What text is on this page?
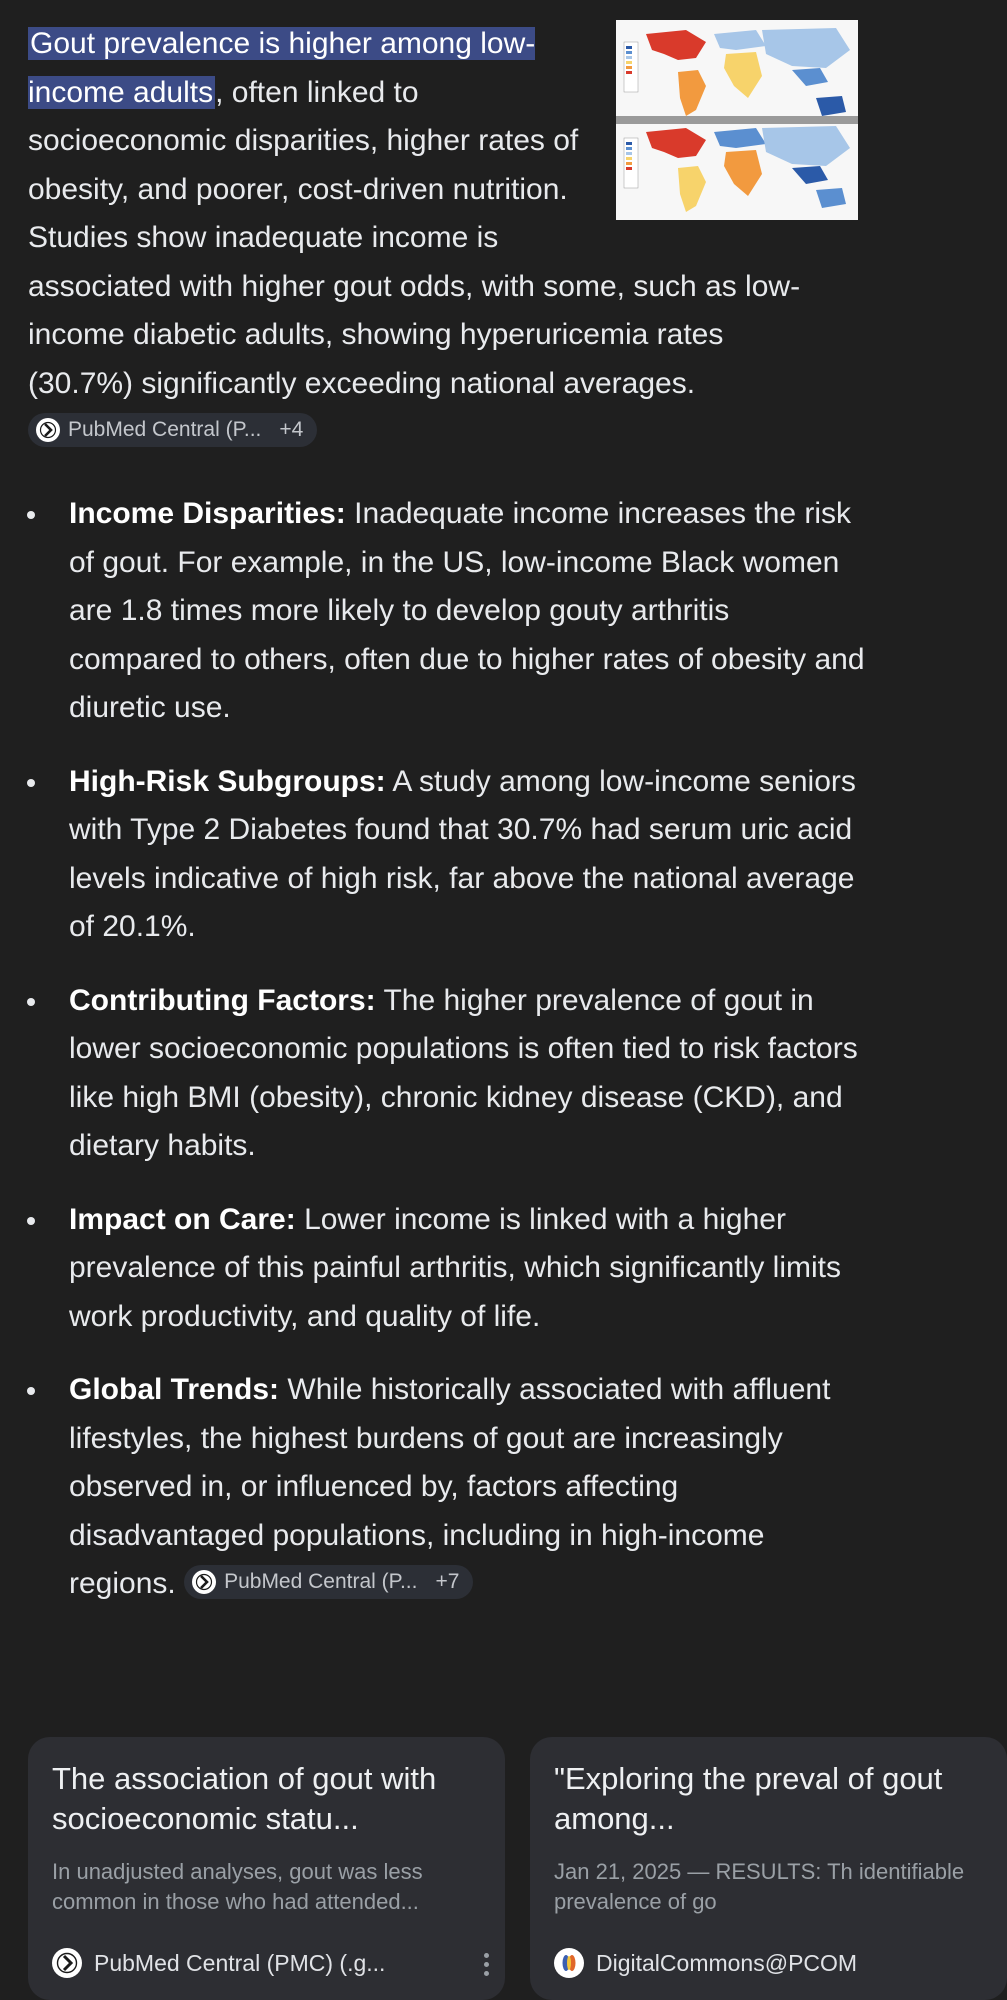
Gout prevalence is higher among low-income adults, often linked to socioeconomic disparities, higher rates of obesity, and poorer, cost-driven nutrition. Studies show inadequate income is associated with higher gout odds, with some, such as low-income diabetic adults, showing hyperuricemia rates (30.7%) significantly exceeding national averages.
PubMed Central (P... +4
Income Disparities: Inadequate income increases the risk of gout. For example, in the US, low-income Black women are 1.8 times more likely to develop gouty arthritis compared to others, often due to higher rates of obesity and diuretic use.
High-Risk Subgroups: A study among low-income seniors with Type 2 Diabetes found that 30.7% had serum uric acid levels indicative of high risk, far above the national average of 20.1%.
Contributing Factors: The higher prevalence of gout in lower socioeconomic populations is often tied to risk factors like high BMI (obesity), chronic kidney disease (CKD), and dietary habits.
Impact on Care: Lower income is linked with a higher prevalence of this painful arthritis, which significantly limits work productivity, and quality of life.
Global Trends: While historically associated with affluent lifestyles, the highest burdens of gout are increasingly observed in, or influenced by, factors affecting disadvantaged populations, including in high-income regions. PubMed Central (P... +7
The association of gout with socioeconomic statu...
In unadjusted analyses, gout was less common in those who had attended...
PubMed Central (PMC) (.g...
"Exploring the preval of gout among...
Jan 21, 2025 — RESULTS: Th identifiable prevalence of go
DigitalCommons@PCOM
